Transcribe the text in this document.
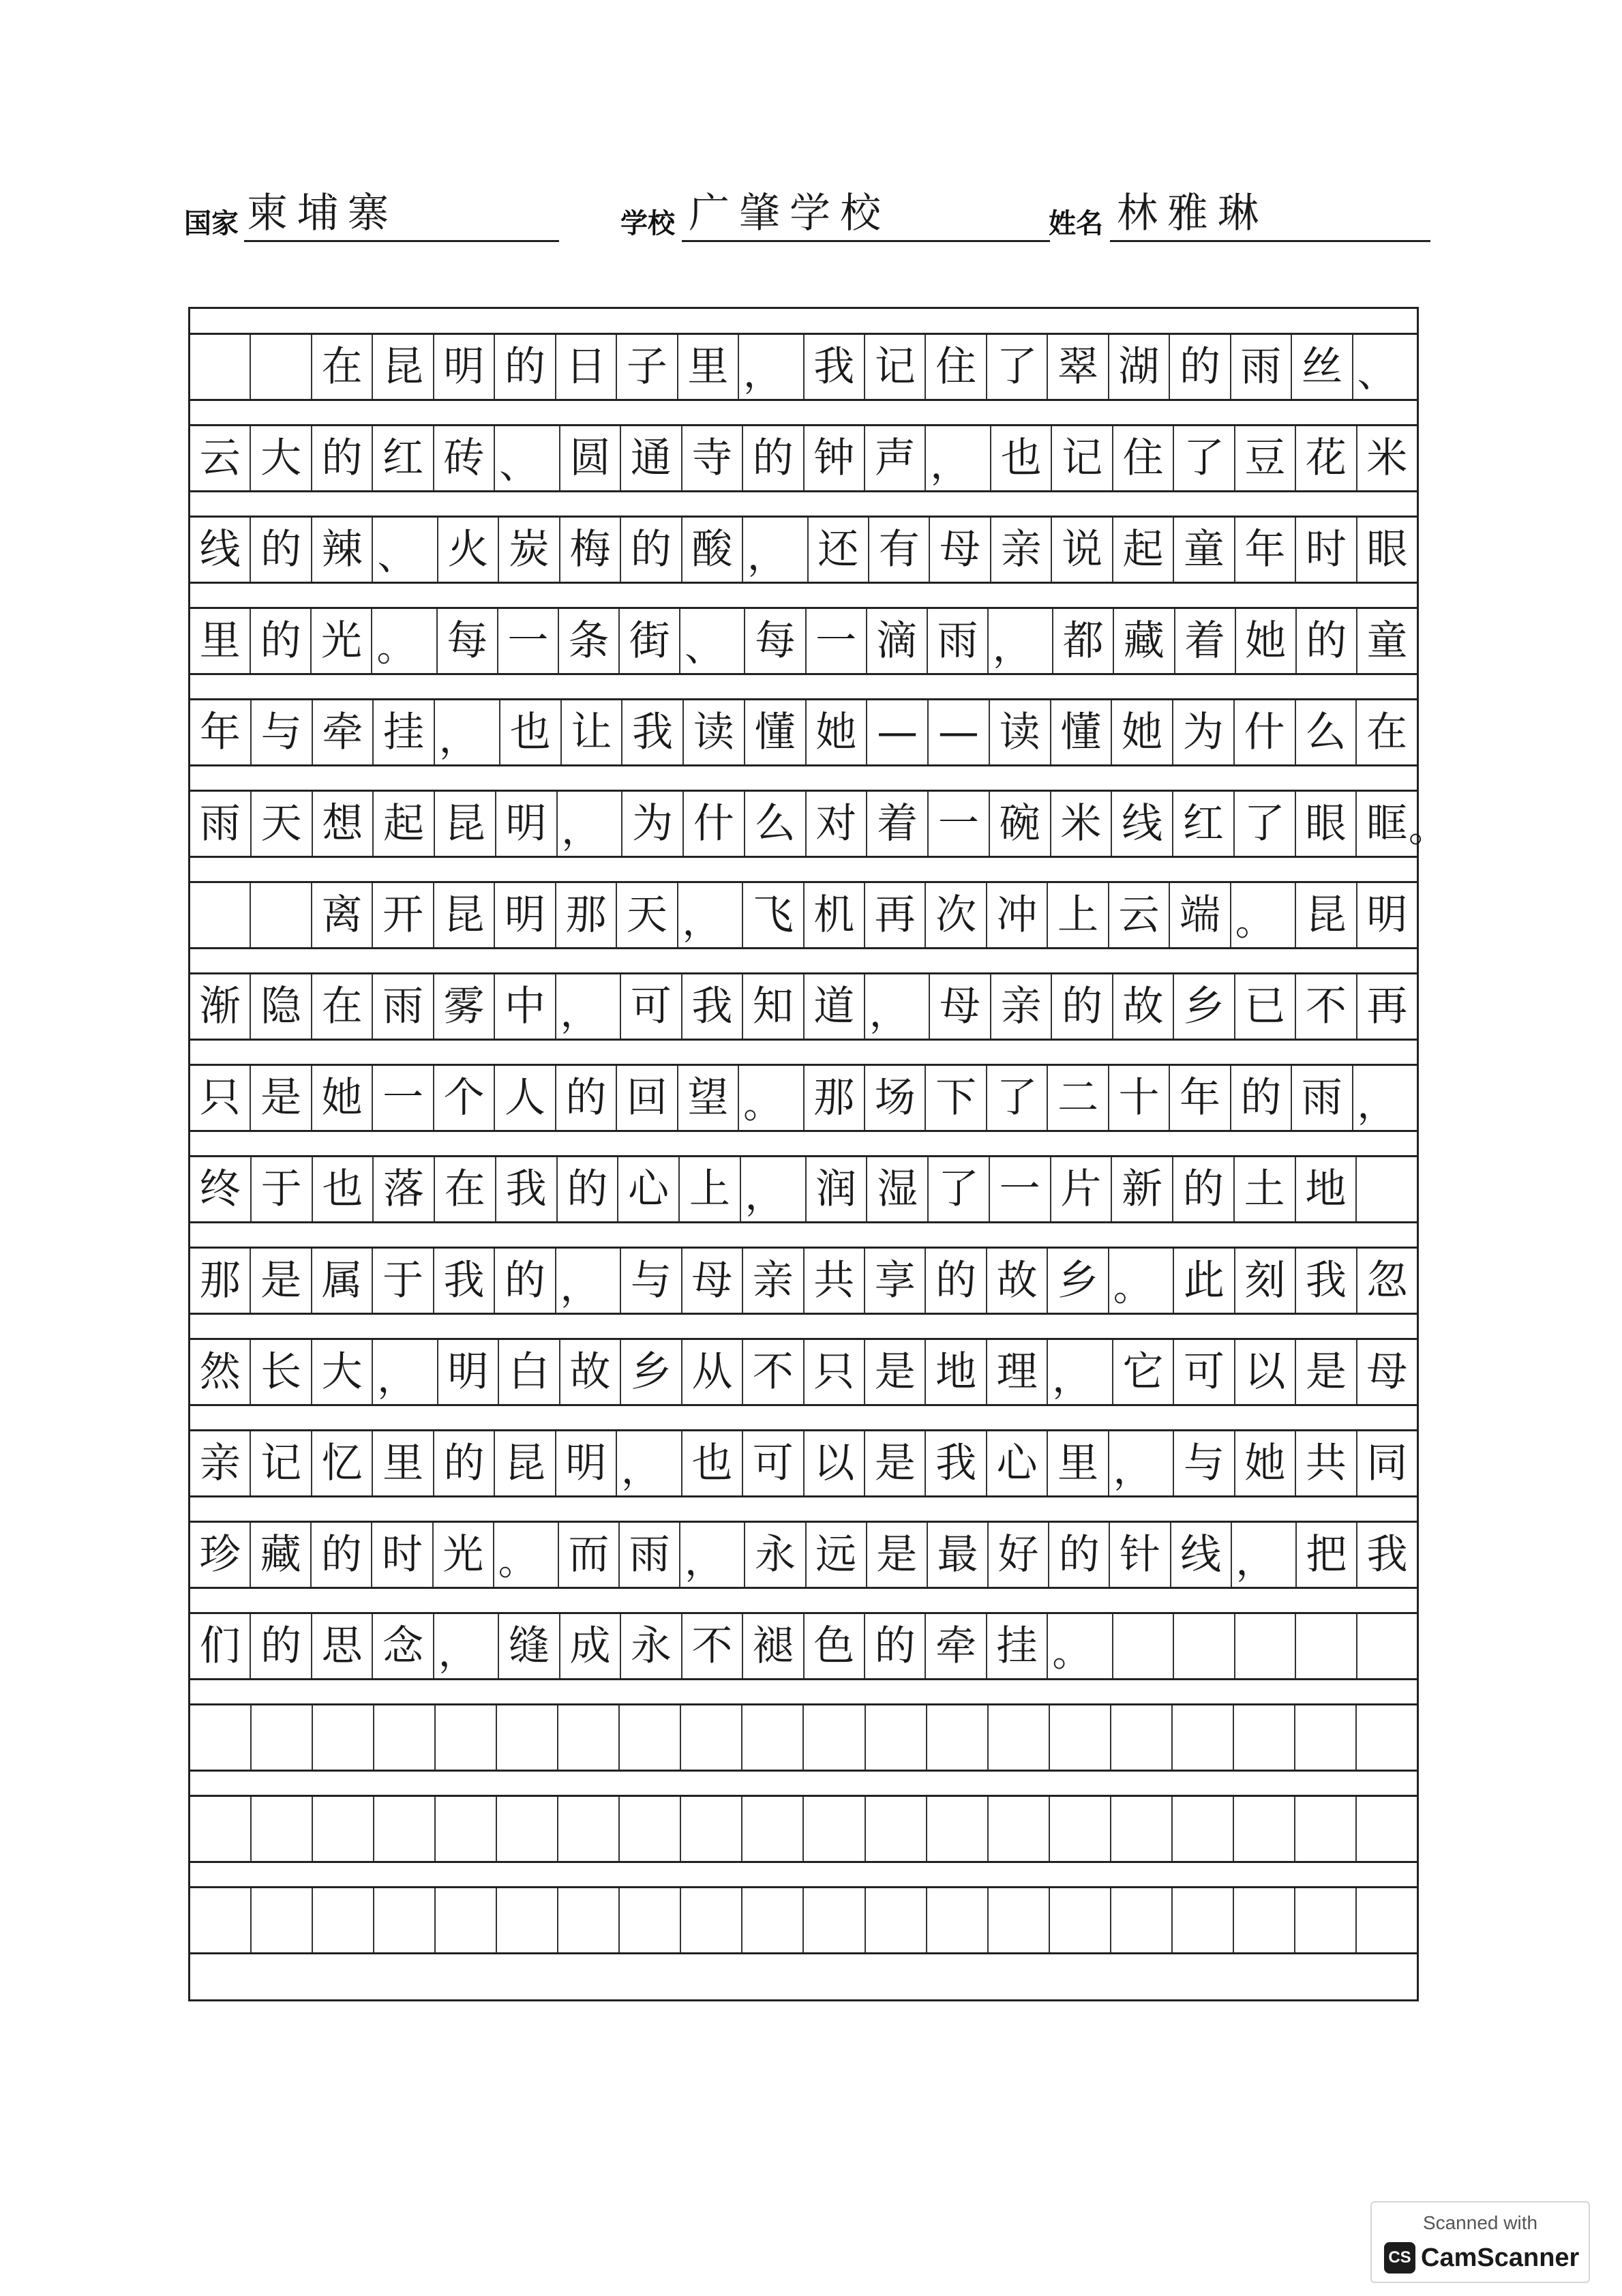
国家 柬埔寨	学校 广肇学校	姓名 林雅琳
在 昆 明 的 日 子 里 ， 我 记 住 了 翠 湖 的 雨 丝 、
云 大 的 红 砖 、 圆 通 寺 的 钟 声 ， 也 记 住 了 豆 花 米
线 的 辣 、 火 炭 梅 的 酸 ， 还 有 母 亲 说 起 童 年 时 眼
里 的 光 。 每 一 条 街 、 每 一 滴 雨 ， 都 藏 着 她 的 童
年 与 牵 挂 ， 也 让 我 读 懂 她 — — 读 懂 她 为 什 么 在
。
雨 天 想 起 昆 明 ， 为 什 么 对 着 一 碗 米 线 红 了 眼 眶
离 开 昆 明 那 天 ， 飞 机 再 次 冲 上 云 端 。 昆 明
渐 隐 在 雨 雾 中 ， 可 我 知 道 ， 母 亲 的 故 乡 已 不 再
只 是 她 一 个 人 的 回 望 。 那 场 下 了 二 十 年 的 雨 ，
终 于 也 落 在 我 的 心 上 ， 润 湿 了 一 片 新 的 土 地
那 是 属 于 我 的 ， 与 母 亲 共 享 的 故 乡 。 此 刻 我 忽
然 长 大 ， 明 白 故 乡 从 不 只 是 地 理 ， 它 可 以 是 母
亲 记 忆 里 的 昆 明 ， 也 可 以 是 我 心 里 ， 与 她 共 同
珍 藏 的 时 光 。 而 雨 ， 永 远 是 最 好 的 针 线 ， 把 我
们 的 思 念 ， 缝 成 永 不 褪 色 的 牵 挂 。
Scanned with
CS CamScanner
